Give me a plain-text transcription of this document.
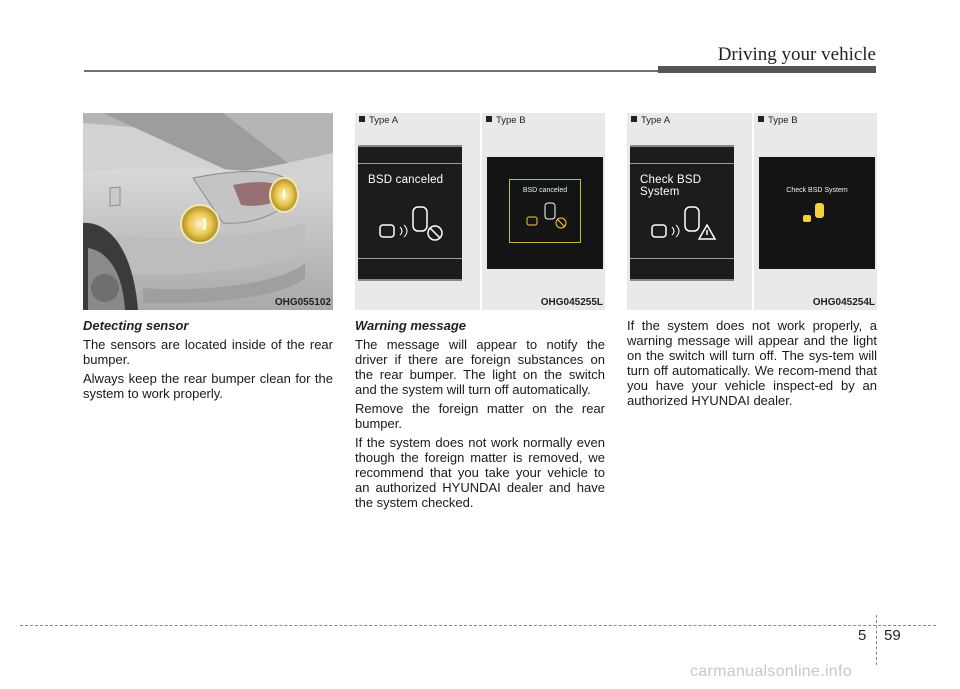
Driving your vehicle
OHG055102
Detecting sensor

The sensors are located inside of the rear bumper.

Always keep the rear bumper clean for the system to work properly.

Type A	Type B
BSD canceled
BSD canceled
OHG045255L
Warning message

The message will appear to notify the driver if there are foreign substances on the rear bumper. The light on the switch and the system will turn off automatically.

Remove the foreign matter on the rear bumper.

If the system does not work normally even though the foreign matter is removed, we recommend that you take your vehicle to an authorized HYUNDAI dealer and have the system checked.

Type A	Type B
Check BSD System	Check BSD System
OHG045254L

If the system does not work properly, a warning message will appear and the light on the switch will turn off. The sys-tem will turn off automatically. We recom-mend that you have your vehicle inspect-ed by an authorized HYUNDAI dealer.

5 59
carmanualsonline.info
